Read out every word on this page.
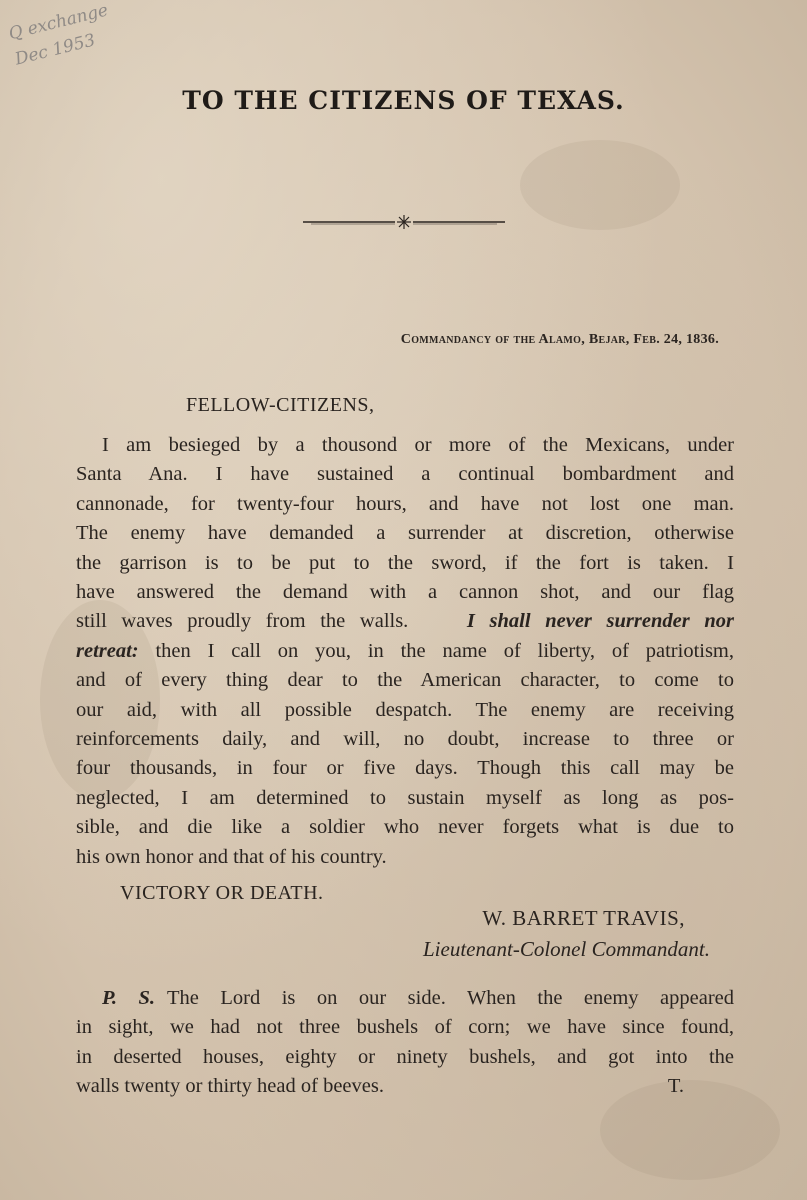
Q exchange
Dec 1953
TO THE CITIZENS OF TEXAS.
Commandancy of the Alamo, Bejar, Feb. 24, 1836.
FELLOW-CITIZENS,
I am besieged by a thousond or more of the Mexicans, under
Santa Ana. I have sustained a continual bombardment and
cannonade, for twenty-four hours, and have not lost one man.
The enemy have demanded a surrender at discretion, otherwise
the garrison is to be put to the sword, if the fort is taken. I
have answered the demand with a cannon shot, and our flag
still waves proudly from the walls.	I shall never surrender nor
retreat: then I call on you, in the name of liberty, of patriotism,
and of every thing dear to the American character, to come to
our aid, with all possible despatch. The enemy are receiving
reinforcements daily, and will, no doubt, increase to three or
four thousands, in four or five days. Though this call may be
neglected, I am determined to sustain myself as long as pos-
sible, and die like a soldier who never forgets what is due to
his own honor and that of his country.
VICTORY OR DEATH.
W. BARRET TRAVIS,
Lieutenant-Colonel Commandant.
P. S. The Lord is on our side. When the enemy appeared
in sight, we had not three bushels of corn; we have since found,
in deserted houses, eighty or ninety bushels, and got into the
walls twenty or thirty head of beeves.	T.
